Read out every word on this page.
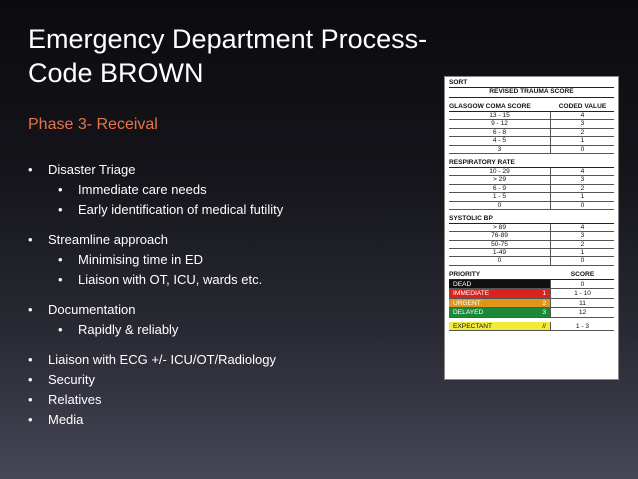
Emergency Department Process-
Code BROWN
Phase 3- Receival
• Disaster Triage
• Immediate care needs
• Early identification of medical futility
• Streamline approach
• Minimising time in ED
• Liaison with OT, ICU, wards etc.
• Documentation
• Rapidly & reliably
• Liaison with ECG +/- ICU/OT/Radiology
• Security
• Relatives
• Media
SORT
REVISED TRAUMA SCORE
GLASGOW COMA SCORE	CODED VALUE
13 - 15	4
9 - 12	3
6 - 8	2
4 - 5	1
3	0
RESPIRATORY RATE
10 - 29	4
> 29	3
6 - 9	2
1 - 5	1
0	0
SYSTOLIC BP
> 89	4
76-89	3
50-75	2
1-49	1
0	0
PRIORITY	SCORE
DEAD	0
IMMEDIATE	1	1 - 10
URGENT	2	11
DELAYED	3	12
EXPECTANT	//	1 - 3
